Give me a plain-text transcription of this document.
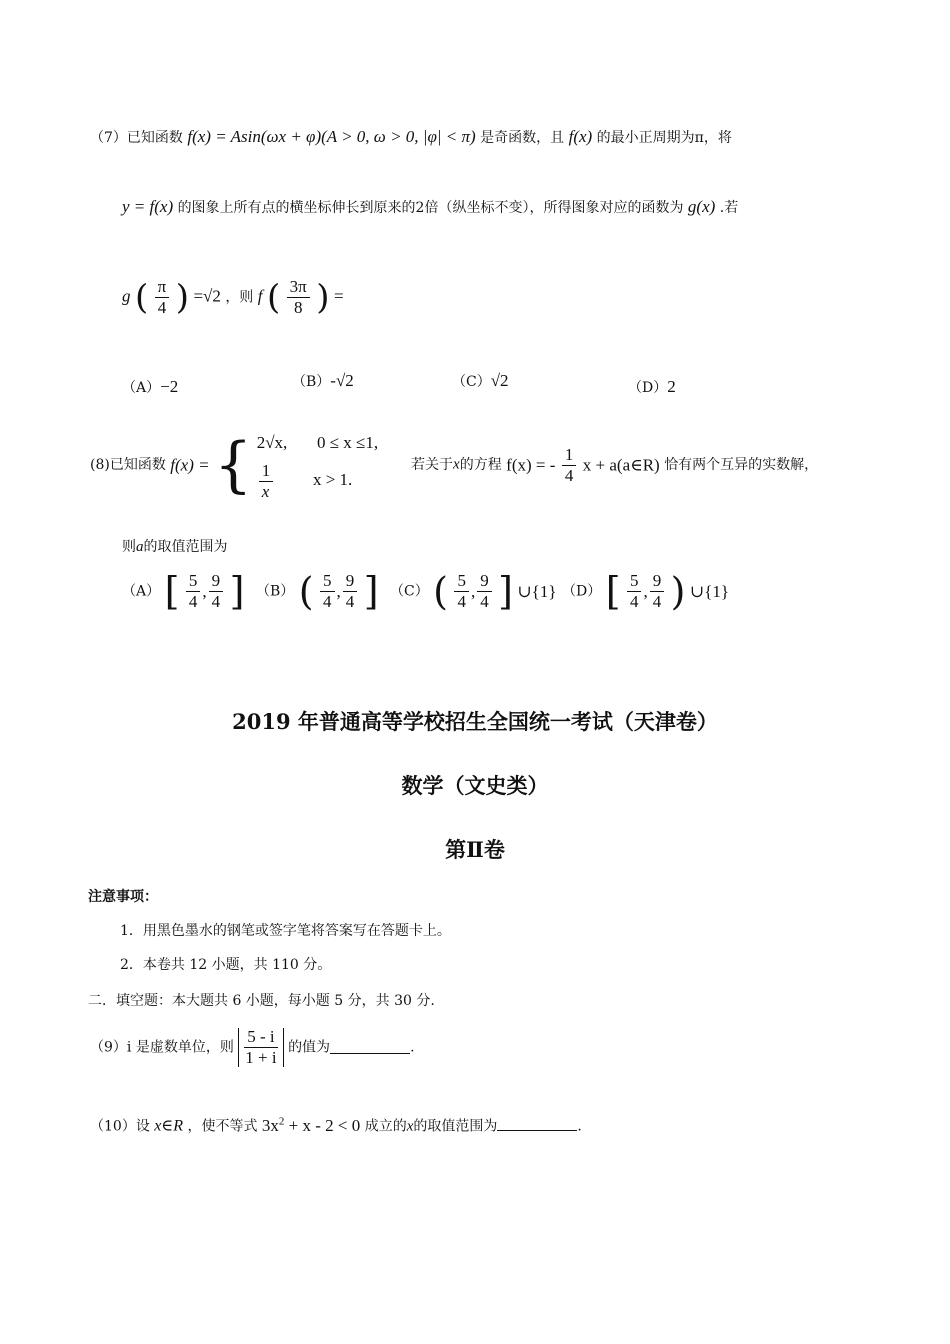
（7）已知函数 f(x) = Asin(ωx + φ)(A > 0, ω > 0, |φ| < π) 是奇函数，且 f(x) 的最小正周期为π，将
y = f(x) 的图象上所有点的横坐标伸长到原来的2倍（纵坐标不变），所得图象对应的函数为 g(x) .若
g ( $\frac{\pi}{4}$ ) =√2 ，则 f ( $\frac{3\pi}{8}$ ) =
（A）−2	（B）-√2	（C）√2	（D）2
(8)已知函数 f(x) = { 2√x, 0 ≤ x ≤1,
$\frac{1}{x}$ x > 1.
若关于x的方程 f(x) = - $\frac{1}{4}$ x + a(a∈R) 恰有两个互异的实数解，
则a的取值范围为
（A） [ $\frac{5}{4}$ , $\frac{9}{4}$ ] （B） ( $\frac{5}{4}$ , $\frac{9}{4}$ ] （C） ( $\frac{5}{4}$ , $\frac{9}{4}$ ] ∪{1} （D） [ $\frac{5}{4}$ , $\frac{9}{4}$ ) ∪{1}
2019 年普通高等学校招生全国统一考试（天津卷）
数学（文史类）
第Ⅱ卷
注意事项：
1．用黑色墨水的钢笔或签字笔将答案写在答题卡上。
2．本卷共 12 小题，共 110 分。
二．填空题：本大题共 6 小题，每小题 5 分，共 30 分.
（9）i 是虚数单位，则 $\frac{5 - i}{1 + i}$ 的值为	.
（10）设 x∈R ，使不等式 $3x^2 + x - 2 < 0$ 成立的x的取值范围为	.
